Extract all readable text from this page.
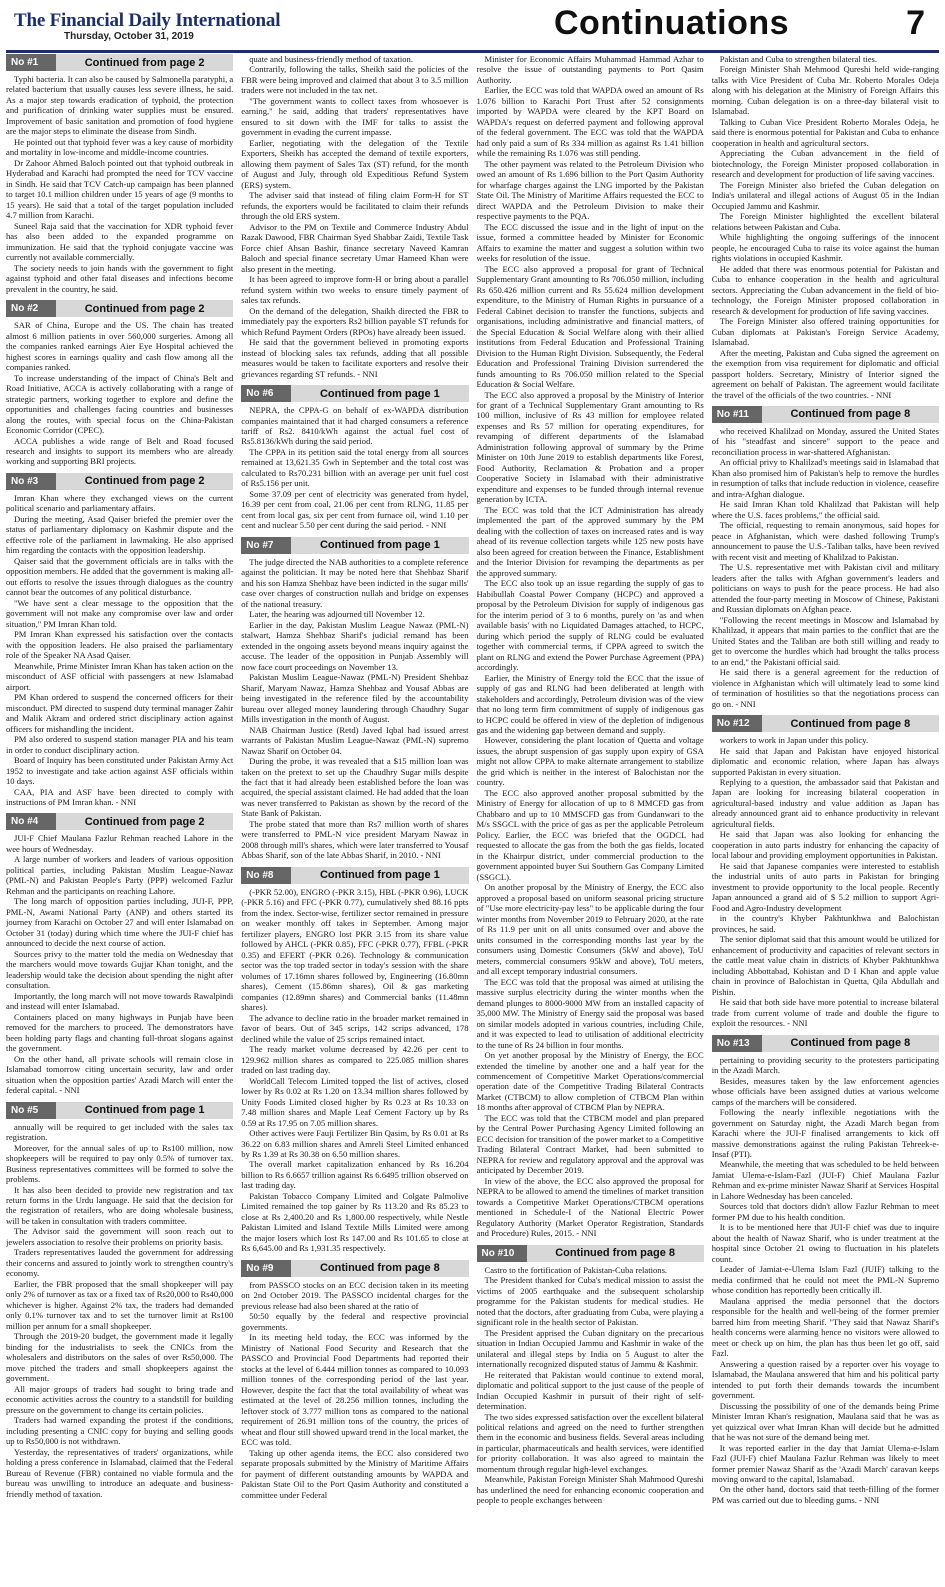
The Financial Daily International
Thursday, October 31, 2019	Continuations	7
No #1	Continued from page 2

Typhi bacteria. It can also be caused by Salmonella paratyphi, a related bacterium that usually causes less severe illness, he said. As a major step towards eradication of typhoid, the protection and purification of drinking water supplies must be ensured. Improvement of basic sanitation and promotion of food hygiene are the major steps to eliminate the disease from Sindh.

He pointed out that typhoid fever was a key cause of morbidity and mortality in low-income and middle-income countries.

Dr Zahoor Ahmed Baloch pointed out that typhoid outbreak in Hyderabad and Karachi had prompted the need for TCV vaccine in Sindh. He said that TCV Catch-up campaign has been planned to target 10.1 million children under 15 years of age (9 months to 15 years). He said that a total of the target population included 4.7 million from Karachi.

Suneel Raja said that the vaccination for XDR typhoid fever has also been added to the expanded programme on immunization. He said that the typhoid conjugate vaccine was currently not available commercially.

The society needs to join hands with the government to fight against typhoid and other fatal diseases and infections become prevalent in the country, he said.

No #2	Continued from page 2

SAR of China, Europe and the US. The chain has treated almost 6 million patients in over 560,000 surgeries. Among all the companies ranked earnings Aier Eye Hospital achieved the highest scores in earnings quality and cash flow among all the companies ranked.

To increase understanding of the impact of China's Belt and Road Initiative, ACCA is actively collaborating with a range of strategic partners, working together to explore and define the opportunities and challenges facing countries and businesses along the routes, with special focus on the China-Pakistan Economic Corridor (CPEC).

ACCA publishes a wide range of Belt and Road focused research and insights to support its members who are already working and supporting BRI projects.

No #3	Continued from page 2

Imran Khan where they exchanged views on the current political scenario and parliamentary affairs.

During the meeting, Asad Qaiser briefed the premier over the status of parliamentary diplomacy on Kashmir dispute and the effective role of the parliament in lawmaking. He also apprised him regarding the contacts with the opposition leadership.

Qaiser said that the government officials are in talks with the opposition members. He added that the government is making all-out efforts to resolve the issues through dialogues as the country cannot bear the outcomes of any political disturbance.

"We have sent a clear message to the opposition that the government will not make any compromise over law and order situation," PM Imran Khan told.

PM Imran Khan expressed his satisfaction over the contacts with the opposition leaders. He also praised the parliamentary role of the Speaker NA Asad Qaiser.

Meanwhile, Prime Minister Imran Khan has taken action on the misconduct of ASF official with passengers at new Islamabad airport.

PM Khan ordered to suspend the concerned officers for their misconduct. PM directed to suspend duty terminal manager Zahir and Malik Akram and ordered strict disciplinary action against officers for mishandling the incident.

PM also ordered to suspend station manager PIA and his team in order to conduct disciplinary action.

Board of Inquiry has been constituted under Pakistan Army Act 1952 to investigate and take action against ASF officials within 10 days.

CAA, PIA and ASF have been directed to comply with instructions of PM Imran khan. - NNI

No #4	Continued from page 2

JUI-F Chief Maulana Fazlur Rehman reached Lahore in the wee hours of Wednesday.

A large number of workers and leaders of various opposition political parties, including Pakistan Muslim League-Nawaz (PML-N) and Pakistan People's Party (PPP) welcomed Fazlur Rehman and the participants on reaching Lahore.

The long march of opposition parties including, JUI-F, PPP, PML-N, Awami National Party (ANP) and others started its journey from Karachi on October 27 and will enter Islamabad on October 31 (today) during which time where the JUI-F chief has announced to decide the next course of action.

Sources privy to the matter told the media on Wednesday that the marchers would move towards Gujjar Khan tonight, and the leadership would take the decision about spending the night after consultation.

Importantly, the long march will not move towards Rawalpindi and instead will enter Islamabad.

Containers placed on many highways in Punjab have been removed for the marchers to proceed. The demonstrators have been holding party flags and chanting full-throat slogans against the government.

On the other hand, all private schools will remain close in Islamabad tomorrow citing uncertain security, law and order situation when the opposition parties' Azadi March will enter the federal capital. - NNI

No #5	Continued from page 1

annually will be required to get included with the sales tax registration.

Moreover, for the annual sales of up to Rs100 million, now shopkeepers will be required to pay only 0.5% of turnover tax. Business representatives committees will be formed to solve the problems.

It has also been decided to provide new registration and tax return forms in the Urdu language. He said that the decision for the registration of retailers, who are doing wholesale business, will be taken in consultation with traders committee.

The Advisor said the government will soon reach out to jewelers association to resolve their problems on priority basis.

Traders representatives lauded the government for addressing their concerns and assured to jointly work to strengthen country's economy.

Earlier, the FBR proposed that the small shopkeeper will pay only 2% of turnover as tax or a fixed tax of Rs20,000 to Rs40,000 whichever is higher. Against 2% tax, the traders had demanded only 0.1% turnover tax and to set the turnover limit at Rs100 million per annum for a small shopkeeper.

Through the 2019-20 budget, the government made it legally binding for the industrialists to seek the CNICs from the wholesalers and distributors on the sales of over Rs50,000. The move pitched the traders and small shopkeepers against the government.

All major groups of traders had sought to bring trade and economic activities across the country to a standstill for building pressure on the government to change its certain policies.

Traders had warned expanding the protest if the conditions, including presenting a CNIC copy for buying and selling goods up to Rs50,000 is not withdrawn.

Yesterday, the representatives of traders' organizations, while holding a press conference in Islamabad, claimed that the Federal Bureau of Revenue (FBR) contained no viable formula and the bureau was unwilling to introduce an adequate and business-friendly method of taxation.

quate and business-friendly method of taxation.

Contrarily, following the talks, Sheikh said the policies of the FBR were being improved and claimed that about 3 to 3.5 million traders were not included in the tax net.

"The government wants to collect taxes from whosoever is earning," he said, adding that traders' representatives have ensured to sit down with the IMF for talks to assist the government in evading the current impasse.

Earlier, negotiating with the delegation of the Textile Exporters, Sheikh has accepted the demand of textile exporters, allowing them payment of Sales Tax (ST) refund, for the month of August and July, through old Expeditious Refund System (ERS) system.

The adviser said that instead of filing claim Form-H for ST refunds, the exporters would be facilitated to claim their refunds through the old ERS system.

Advisor to the PM on Textile and Commerce Industry Abdul Razak Dawood, FBR Chairman Syed Shabbar Zaidi, Textile Task Force chief Ahsan Bashir, finance secretary Naveed Kamran Baloch and special finance secretary Umar Hameed Khan were also present in the meeting.

It has been agreed to improve form-H or bring about a parallel refund system within two weeks to ensure timely payment of sales tax refunds.

On the demand of the delegation, Shaikh directed the FBR to immediately pay the exporters Rs2 billion payable ST refunds for which Refund Payment Orders (RPOs) have already been issued.

He said that the government believed in promoting exports instead of blocking sales tax refunds, adding that all possible measures would be taken to facilitate exporters and resolve their grievances regarding ST refunds. - NNI

No #6	Continued from page 1

NEPRA, the CPPA-G on behalf of ex-WAPDA distribution companies maintained that it had charged consumers a reference tariff of Rs2. 8410/kWh against the actual fuel cost of Rs5.8136/kWh during the said period.

The CPPA in its petition said the total energy from all sources remained at 13,621.35 Gwh in September and the total cost was calculated to Rs70.231 billion with an average per unit fuel cost of Rs5.156 per unit.

Some 37.09 per cent of electricity was generated from hydel, 16.39 per cent from coal, 21.06 per cent from RLNG, 11.85 per cent from local gas, six per cent from furnace oil, wind 1.10 per cent and nuclear 5.50 per cent during the said period. - NNI

No #7	Continued from page 1

The judge directed the NAB authorities to a complete reference against the politician. It may be noted here that Shehbaz Sharif and his son Hamza Shehbaz have been indicted in the sugar mills' case over charges of construction nullah and bridge on expenses of the national treasury.

Later, the hearing was adjourned till November 12.

Earlier in the day, Pakistan Muslim League Nawaz (PML-N) stalwart, Hamza Shehbaz Sharif's judicial remand has been extended in the ongoing assets beyond means inquiry against the accuse. The leader of the opposition in Punjab Assembly will now face court proceedings on November 13.

Pakistan Muslim League-Nawaz (PML-N) President Shehbaz Sharif, Maryam Nawaz, Hamza Shehbaz and Yousaf Abbas are being investigated in the reference filed by the accountability bureau over alleged money laundering through Chaudhry Sugar Mills investigation in the month of August.

NAB Chairman Justice (Retd) Javed Iqbal had issued arrest warrants of Pakistan Muslim League-Nawaz (PML-N) supremo Nawaz Sharif on October 04.

During the probe, it was revealed that a $15 million loan was taken on the pretext to set up the Chaudhry Sugar mills despite the fact that it had already been established before the loan was acquired, the special assistant claimed. He had added that the loan was never transferred to Pakistan as shown by the record of the State Bank of Pakistan.

The probe stated that more than Rs7 million worth of shares were transferred to PML-N vice president Maryam Nawaz in 2008 through mill's shares, which were later transferred to Yousaf Abbas Sharif, son of the late Abbas Sharif, in 2010. - NNI

No #8	Continued from page 1

(-PKR 52.00), ENGRO (-PKR 3.15), HBL (-PKR 0.96), LUCK (-PKR 5.16) and FFC (-PKR 0.77), cumulatively shed 88.16 ppts from the index. Sector-wise, fertilizer sector remained in pressure on weaker monthly off takes in September. Among major fertilizer players, ENGRO lost PKR 3.15 from its share value followed by AHCL (-PKR 0.85), FFC (-PKR 0.77), FFBL (-PKR 0.35) and EFERT (-PKR 0.26). Technology & communication sector was the top traded sector in today's session with the share volumes of 17.16mn shares followed by, Engineering (16.80mn shares), Cement (15.86mn shares), Oil & gas marketing companies (12.89mn shares) and Commercial banks (11.48mn shares).

The advance to decline ratio in the broader market remained in favor of bears. Out of 345 scrips, 142 scrips advanced, 178 declined while the value of 25 scrips remained intact.

The ready market volume decreased by 42.26 per cent to 129.962 million shares as compared to 225.085 million shares traded on last trading day.

WorldCall Telecom Limited topped the list of actives, closed lower by Rs 0.02 at Rs 1.20 on 13.34 million shares followed by Unity Foods Limited closed higher by Rs 0.23 at Rs 10.33 on 7.48 million shares and Maple Leaf Cement Factory up by Rs 0.59 at Rs 17.95 on 7.05 million shares.

Other actives were Fauji Fertilizer Bin Qasim, by Rs 0.01 at Rs 36.22 on 6.83 million shares and Amreli Steel Limited enhanced by Rs 1.39 at Rs 30.38 on 6.50 million shares.

The overall market capitalization enhanced by Rs 16.204 billion to Rs 6.6657 trillion against Rs 6.6495 trillion observed on last trading day.

Pakistan Tobacco Company Limited and Colgate Palmolive Limited remained the top gainer by Rs 113.20 and Rs 85.23 to close at Rs 2,400.20 and Rs 1,800.00 respectively, while Nestle Pakistan Limited and Island Textile Mills Limited were among the major losers which lost Rs 147.00 and Rs 101.65 to close at Rs 6,645.00 and Rs 1,931.35 respectively.

No #9	Continued from page 8

from PASSCO stocks on an ECC decision taken in its meeting on 2nd October 2019. The PASSCO incidental charges for the previous release had also been shared at the ratio of

50:50 equally by the federal and respective provincial governments.

In its meeting held today, the ECC was informed by the Ministry of National Food Security and Research that the PASSCO and Provincial Food Departments had reported their stocks at the level of 6.444 million tonnes as compared to 10.093 million tonnes of the corresponding period of the last year. However, despite the fact that the total availability of wheat was estimated at the level of 28.256 million tonnes, including the leftover stock of 3.777 million tons as compared to the national requirement of 26.91 million tons of the country, the prices of wheat and flour still showed upward trend in the local market, the ECC was told.

Taking up other agenda items, the ECC also considered two separate proposals submitted by the Ministry of Maritime Affairs for payment of different outstanding amounts by WAPDA and Pakistan State Oil to the Port Qasim Authority and constituted a committee under Federal

Minister for Economic Affairs Muhammad Hammad Azhar to resolve the issue of outstanding payments to Port Qasim Authority.

Earlier, the ECC was told that WAPDA owed an amount of Rs 1.076 billion to Karachi Port Trust after 52 consignments imported by WAPDA were cleared by the KPT Board on WAPDA's request on deferred payment and following approval of the federal government. The ECC was told that the WAPDA had only paid a sum of Rs 334 million as against Rs 1.41 billion while the remaining Rs 1.076 was still pending.

The other payment was related to the Petroleum Division who owed an amount of Rs 1.696 billion to the Port Qasim Authority for wharfage charges against the LNG imported by the Pakistan State Oil. The Ministry of Maritime Affairs requested the ECC to direct WAPDA and the Petroleum Division to make their respective payments to the PQA.

The ECC discussed the issue and in the light of input on the issue, formed a committee headed by Minister for Economic Affairs to examine the matter and suggest a solution within two weeks for resolution of the issue.

The ECC also approved a proposal for grant of Technical Supplementary Grant amounting to Rs 706.050 million, including Rs 650.426 million current and Rs 55.624 million development expenditure, to the Ministry of Human Rights in pursuance of a Federal Cabinet decision to transfer the functions, subjects and organisations, including administrative and financial matters, of the Special Education & Social Welfare along with their allied institutions from Federal Education and Professional Training Division to the Human Right Division. Subsequently, the Federal Education and Professional Training Division surrendered the funds amounting to Rs 706.050 million related to the Special Education & Social Welfare.

The ECC also approved a proposal by the Ministry of Interior for grant of a Technical Supplementary Grant amounting to Rs 100 million, inclusive of Rs 43 million for employee related expenses and Rs 57 million for operating expenditures, for revamping of different departments of the Islamabad Administration following approval of summary by the Prime Minister on 10th June 2019 to establish departments like Forest, Food Authority, Reclamation & Probation and a proper Cooperative Society in Islamabad with their administrative expenditure and expenses to be funded through internal revenue generation by ICTA.

The ECC was told that the ICT Administration has already implemented the part of the approved summary by the PM dealing with the collection of taxes on increased rates and is way ahead of its revenue collection targets while 125 new posts have also been agreed for creation between the Finance, Establishment and the Interior Division for revamping the departments as per the approved summary.

The ECC also took up an issue regarding the supply of gas to Habibullah Coastal Power Company (HCPC) and approved a proposal by the Petroleum Division for supply of indigenous gas for the interim period of 3 to 6 months, purely on 'as and when available basis' with no Liquidated Damages attached, to HCPC, during which period the supply of RLNG could be evaluated together with commercial terms, if CPPA agreed to switch the plant on RLNG and extend the Power Purchase Agreement (PPA) accordingly.

Earlier, the Ministry of Energy told the ECC that the issue of supply of gas and RLNG had been deliberated at length with stakeholders and accordingly, Petroleum division was of the view that no long term firm commitment of supply of indigenous gas to HCPC could be offered in view of the depletion of indigenous gas and the widening gap between demand and supply.

However, considering the plant location of Quetta and voltage issues, the abrupt suspension of gas supply upon expiry of GSA might not allow CPPA to make alternate arrangement to stabilize the grid which is neither in the interest of Balochistan nor the country.

The ECC also approved another proposal submitted by the Ministry of Energy for allocation of up to 8 MMCFD gas from Chabbaro and up to 10 MMSCFD gas from Gundanwari to the M/s SSGCL with the price of gas as per the applicable Petroleum Policy. Earlier, the ECC was briefed that the OGDCL had requested to allocate the gas from the both the gas fields, located in the Khairpur district, under commercial production to the government appointed buyer Sui Southern Gas Company Limited (SSGCL).

On another proposal by the Ministry of Energy, the ECC also approved a proposal based on uniform seasonal pricing structure of "Use more electricity-pay less" to be applicable during the four winter months from November 2019 to February 2020, at the rate of Rs 11.9 per unit on all units consumed over and above the units consumed in the corresponding months last year by the consumers using Domestic Consumers (5kW and above), ToU meters, commercial consumers 95kW and above), ToU meters, and all except temporary industrial consumers.

The ECC was told that the proposal was aimed at utilising the massive surplus electricity during the winter months when the demand plunges to 8000-9000 MW from an installed capacity of 35,000 MW. The Ministry of Energy said the proposal was based on similar models adopted in various countries, including Chile, and it was expected to lead to utilisation of additional electricity to the tune of Rs 24 billion in four months.

On yet another proposal by the Ministry of Energy, the ECC extended the timeline by another one and a half year for the commencement of Competitive Market Operations/commercial operation date of the Competitive Trading Bilateral Contracts Market (CTBCM) to allow completion of CTBCM Plan within 18 months after approval of CTBCM Plan by NEPRA.

The ECC was told that the CTBCM model and plan prepared by the Central Power Purchasing Agency Limited following an ECC decision for transition of the power market to a Competitive Trading Bilateral Contract Market, had been submitted to NEPRA for review and regulatory approval and the approval was anticipated by December 2019.

In view of the above, the ECC also approved the proposal for NEPRA to be allowed to amend the timelines of market transition towards a Competitive Market Operations/CTBCM operations mentioned in Schedule-I of the National Electric Power Regulatory Authority (Market Operator Registration, Standards and Procedure) Rules, 2015. - NNI

No #10	Continued from page 8

Castro to the fortification of Pakistan-Cuba relations.

The President thanked for Cuba's medical mission to assist the victims of 2005 earthquake and the subsequent scholarship programme for the Pakistan students for medical studies. He noted that the doctors, after graduating from Cuba, were playing a significant role in the health sector of Pakistan.

The President apprised the Cuban dignitary on the precarious situation in Indian Occupied Jammu and Kashmir in wake of the unilateral and illegal steps by India on 5 August to alter the internationally recognized disputed status of Jammu & Kashmir.

He reiterated that Pakistan would continue to extend moral, diplomatic and political support to the just cause of the people of Indian Occupied Kashmir in pursuit of their right of self-determination.

The two sides expressed satisfaction over the excellent bilateral political relations and agreed on the need to further strengthen them in the economic and business fields. Several areas including in particular, pharmaceuticals and health services, were identified for priority collaboration. It was also agreed to maintain the momentum through regular high-level exchanges.

Meanwhile, Pakistan Foreign Minister Shah Mahmood Qureshi has underlined the need for enhancing economic cooperation and people to people exchanges between

Pakistan and Cuba to strengthen bilateral ties.

Foreign Minister Shah Mehmood Qureshi held wide-ranging talks with Vice President of Cuba Mr. Roberto Morales Odeja along with his delegation at the Ministry of Foreign Affairs this morning. Cuban delegation is on a three-day bilateral visit to Islamabad.

Talking to Cuban Vice President Roberto Morales Odeja, he said there is enormous potential for Pakistan and Cuba to enhance cooperation in health and agricultural sectors.

Appreciating the Cuban advancement in the field of biotechnology, the Foreign Minister proposed collaboration in research and development for production of life saving vaccines.

The Foreign Minister also briefed the Cuban delegation on India's unilateral and illegal actions of August 05 in the Indian Occupied Jammu and Kashmir.

The Foreign Minister highlighted the excellent bilateral relations between Pakistan and Cuba.

While highlighting the ongoing sufferings of the innocent people, he encouraged Cuba to raise its voice against the human rights violations in occupied Kashmir.

He added that there was enormous potential for Pakistan and Cuba to enhance cooperation in the health and agricultural sectors. Appreciating the Cuban advancement in the field of bio-technology, the Foreign Minister proposed collaboration in research & development for production of life saving vaccines.

The Foreign Minister also offered training opportunities for Cuban diplomats at Pakistan's Foreign Service Academy, Islamabad.

After the meeting, Pakistan and Cuba signed the agreement on the exemption from visa requirement for diplomatic and official passport holders. Secretary, Ministry of Interior signed the agreement on behalf of Pakistan. The agreement would facilitate the travel of the officials of the two countries. - NNI

No #11	Continued from page 8

who received Khalilzad on Monday, assured the United States of his "steadfast and sincere" support to the peace and reconciliation process in war-shattered Afghanistan.

An official privy to Khalilzad's meetings said in Islamabad that Khan also promised him of Pakistan's help to remove the hurdles in resumption of talks that include reduction in violence, ceasefire and intra-Afghan dialogue.

He said Imran Khan told Khalilzad that Pakistan will help where the U.S. faces problems," the official said.

The official, requesting to remain anonymous, said hopes for peace in Afghanistan, which were dashed following Trump's announcement to pause the U.S.-Taliban talks, have been revived with recent visit and meeting of Khalilzad to Pakistan.

The U.S. representative met with Pakistan civil and military leaders after the talks with Afghan government's leaders and politicians on ways to push for the peace process. He had also attended the four-party meeting in Moscow of Chinese, Pakistani and Russian diplomats on Afghan peace.

"Following the recent meetings in Moscow and Islamabad by Khalilzad, it appears that main parties to the conflict that are the United States and the Taliban are both still willing and ready to get to overcome the hurdles which had brought the talks process to an end," the Pakistani official said.

He said there is a general agreement for the reduction of violence in Afghanistan which will ultimately lead to some kind of termination of hostilities so that the negotiations process can go on. - NNI

No #12	Continued from page 8

workers to work in Japan under this policy.

He said that Japan and Pakistan have enjoyed historical diplomatic and economic relation, where Japan has always supported Pakistan in every situation.

Replying to a question, the ambassador said that Pakistan and Japan are looking for increasing bilateral cooperation in agricultural-based industry and value addition as Japan has already announced grant aid to enhance productivity in relevant agricultural fields.

He said that Japan was also looking for enhancing the cooperation in auto parts industry for enhancing the capacity of local labour and providing employment opportunities in Pakistan.

He said that Japanese companies were interested to establish the industrial units of auto parts in Pakistan for bringing investment to provide opportunity to the local people. Recently Japan announced a grand aid of $ 5.2 million to support Agri-Food and Agro-Industry development

in the country's Khyber Pakhtunkhwa and Balochistan provinces, he said.

The senior diplomat said that this amount would be utilized for enhancement of productivity and capacities of relevant sectors in the cattle meat value chain in districts of Khyber Pakhtunkhwa including Abbottabad, Kohistan and D I Khan and apple value chain in province of Balochistan in Quetta, Qila Abdullah and Pishin.

He said that both side have more potential to increase bilateral trade from current volume of trade and double the figure to exploit the resources. - NNI

No #13	Continued from page 8

pertaining to providing security to the protesters participating in the Azadi March.

Besides, measures taken by the law enforcement agencies whose officials have been assigned duties at various welcome camps of the marchers will be considered.

Following the nearly inflexible negotiations with the government on Saturday night, the Azadi March began from Karachi where the JUI-F finalised arrangements to kick off massive demonstrations against the ruling Pakistan Tehreek-e-Insaf (PTI).

Meanwhile, the meeting that was scheduled to be held between Jamiat Ulema-e-Islam-Fazl (JUI-F) Chief Maulana Fazlur Rehman and ex-prime minister Nawaz Sharif at Services Hospital in Lahore Wednesday has been canceled.

Sources told that doctors didn't allow Fazlur Rehman to meet former PM due to his health condition.

It is to be mentioned here that JUI-F chief was due to inquire about the health of Nawaz Sharif, who is under treatment at the hospital since October 21 owing to fluctuation in his platelets count.

Leader of Jamiat-e-Ulema Islam Fazl (JUIF) talking to the media confirmed that he could not meet the PML-N Supremo whose condition has reportedly been critically ill.

Maulana apprised the media personnel that the doctors responsible for the health and well-being of the former premier barred him from meeting Sharif. "They said that Nawaz Sharif's health concerns were alarming hence no visitors were allowed to meet or check up on him, the plan has thus been let go off, said Fazl.

Answering a question raised by a reporter over his voyage to Islamabad, the Maulana answered that him and his political party intended to put forth their demands towards the incumbent government.

Discussing the possibility of one of the demands being Prime Minister Imran Khan's resignation, Maulana said that he was as yet quizzical over what Imran Khan will decide but he admitted that he was not sure of the demand being met.

It was reported earlier in the day that Jamiat Ulema-e-Islam Fazl (JUI-F) chief Maulana Fazlur Rehman was likely to meet former premier Nawaz Sharif as the 'Azadi March' caravan keeps moving onward to the capital, Islamabad.

On the other hand, doctors said that teeth-filling of the former PM was carried out due to bleeding gums. - NNI
